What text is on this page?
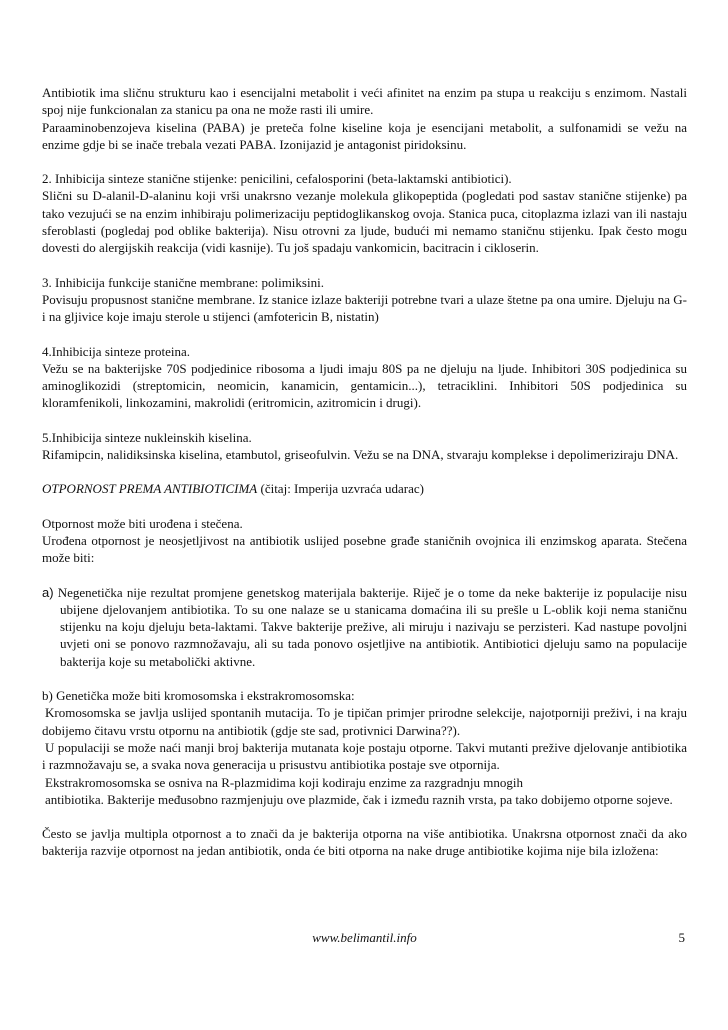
Antibiotik ima sličnu strukturu kao i esencijalni metabolit i veći afinitet na enzim pa stupa u reakciju s enzimom. Nastali spoj nije funkcionalan za stanicu pa ona ne može rasti ili umire.

Paraaminobenzojeva kiselina (PABA) je preteča folne kiseline koja je esencijani metabolit, a sulfonamidi se vežu na enzime gdje bi se inače trebala vezati PABA. Izonijazid je antagonist piridoksinu.

2. Inhibicija sinteze stanične stijenke: penicilini, cefalosporini (beta-laktamski antibiotici).

Slični su D-alanil-D-alaninu koji vrši unakrsno vezanje molekula glikopeptida (pogledati pod sastav stanične stijenke) pa tako vezujući se na enzim inhibiraju polimerizaciju peptidoglikanskog ovoja. Stanica puca, citoplazma izlazi van ili nastaju sferoblasti (pogledaj pod oblike bakterija). Nisu otrovni za ljude, budući mi nemamo staničnu stijenku. Ipak često mogu dovesti do alergijskih reakcija (vidi kasnije). Tu još spadaju vankomicin, bacitracin i cikloserin.

3. Inhibicija funkcije stanične membrane: polimiksini.

Povisuju propusnost stanične membrane. Iz stanice izlaze bakteriji potrebne tvari a ulaze štetne pa ona umire. Djeluju na G- i na gljivice koje imaju sterole u stijenci (amfotericin B, nistatin)

4.Inhibicija sinteze proteina.

Vežu se na bakterijske 70S podjedinice ribosoma a ljudi imaju 80S pa ne djeluju na ljude. Inhibitori 30S podjedinica su aminoglikozidi (streptomicin, neomicin, kanamicin, gentamicin...), tetraciklini. Inhibitori 50S podjedinica su kloramfenikoli, linkozamini, makrolidi (eritromicin, azitromicin i drugi).

5.Inhibicija sinteze nukleinskih kiselina.

Rifamipcin, nalidiksinska kiselina, etambutol, griseofulvin. Vežu se na DNA, stvaraju komplekse i depolimeriziraju DNA.

OTPORNOST PREMA ANTIBIOTICIMA (čitaj: Imperija uzvraća udarac)

Otpornost može biti urođena i stečena.

Urođena otpornost je neosjetljivost na antibiotik uslijed posebne građe staničnih ovojnica ili enzimskog aparata. Stečena može biti:

a) Negenetička nije rezultat promjene genetskog materijala bakterije. Riječ je o tome da neke bakterije iz populacije nisu ubijene djelovanjem antibiotika. To su one nalaze se u stanicama domaćina ili su prešle u L-oblik koji nema staničnu stijenku na koju djeluju beta-laktami. Takve bakterije prežive, ali miruju i nazivaju se perzisteri. Kad nastupe povoljni uvjeti oni se ponovo razmnožavaju, ali su tada ponovo osjetljive na antibiotik. Antibiotici djeluju samo na populacije bakterija koje su metabolički aktivne.

b) Genetička može biti kromosomska i ekstrakromosomska:

Kromosomska se javlja uslijed spontanih mutacija. To je tipičan primjer prirodne selekcije, najotporniji preživi, i na kraju dobijemo čitavu vrstu otpornu na antibiotik (gdje ste sad, protivnici Darwina??).

U populaciji se može naći manji broj bakterija mutanata koje postaju otporne. Takvi mutanti prežive djelovanje antibiotika i razmnožavaju se, a svaka nova generacija u prisustvu antibiotika postaje sve otpornija.

Ekstrakromosomska se osniva na R-plazmidima koji kodiraju enzime za razgradnju mnogih

antibiotika. Bakterije međusobno razmjenjuju ove plazmide, čak i između raznih vrsta, pa tako dobijemo otporne sojeve.

Često se javlja multipla otpornost a to znači da je bakterija otporna na više antibiotika. Unakrsna otpornost znači da ako bakterija razvije otpornost na jedan antibiotik, onda će biti otporna na nake druge antibiotike kojima nije bila izložena:

www.belimantil.info	5
